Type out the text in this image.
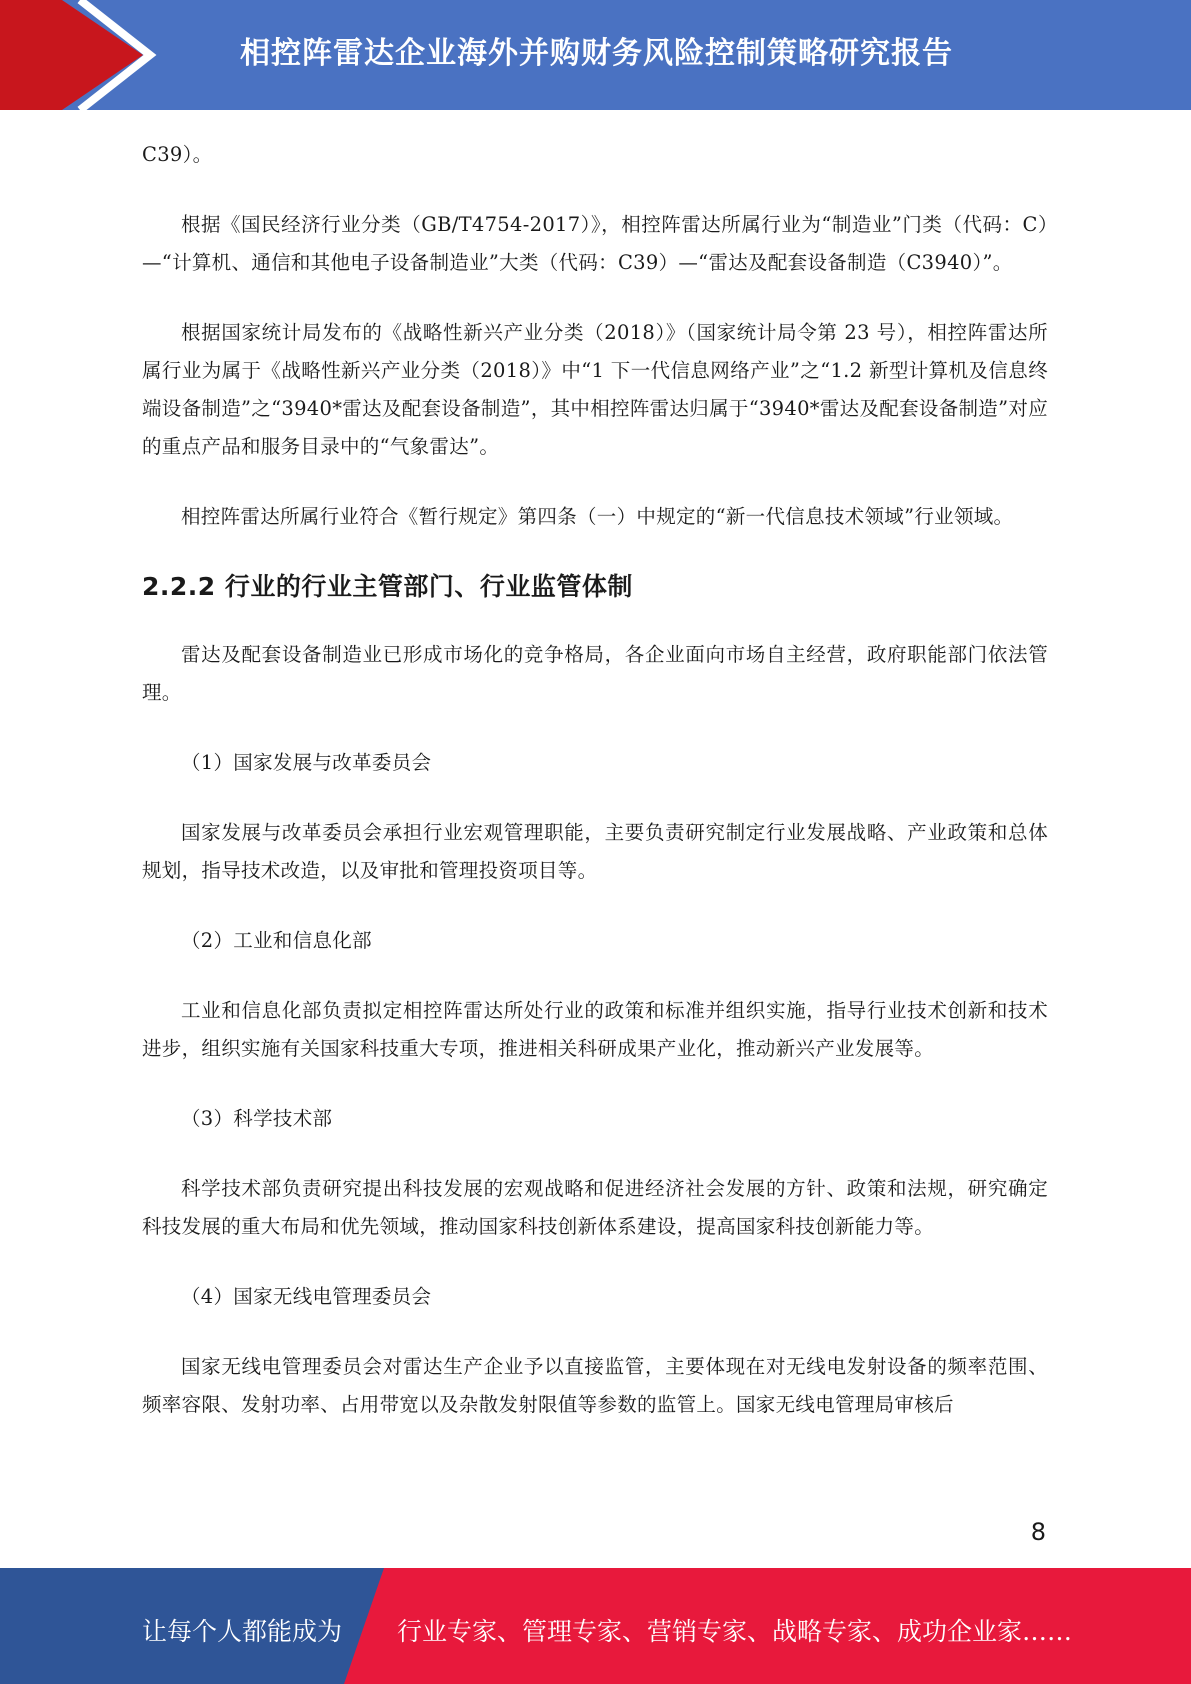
相控阵雷达企业海外并购财务风险控制策略研究报告

C39）。

根据《国民经济行业分类（GB/T4754-2017）》，相控阵雷达所属行业为“制造业”门类（代码：C）—“计算机、通信和其他电子设备制造业”大类（代码：C39）—“雷达及配套设备制造（C3940）”。

根据国家统计局发布的《战略性新兴产业分类（2018）》（国家统计局令第 23 号），相控阵雷达所属行业为属于《战略性新兴产业分类（2018）》中“1 下一代信息网络产业”之“1.2 新型计算机及信息终端设备制造”之“3940*雷达及配套设备制造”，其中相控阵雷达归属于“3940*雷达及配套设备制造”对应的重点产品和服务目录中的“气象雷达”。

相控阵雷达所属行业符合《暂行规定》第四条（一）中规定的“新一代信息技术领域”行业领域。

2.2.2 行业的行业主管部门、行业监管体制

雷达及配套设备制造业已形成市场化的竞争格局，各企业面向市场自主经营，政府职能部门依法管理。

（1）国家发展与改革委员会

国家发展与改革委员会承担行业宏观管理职能，主要负责研究制定行业发展战略、产业政策和总体规划，指导技术改造，以及审批和管理投资项目等。

（2）工业和信息化部

工业和信息化部负责拟定相控阵雷达所处行业的政策和标准并组织实施，指导行业技术创新和技术进步，组织实施有关国家科技重大专项，推进相关科研成果产业化，推动新兴产业发展等。

（3）科学技术部

科学技术部负责研究提出科技发展的宏观战略和促进经济社会发展的方针、政策和法规，研究确定科技发展的重大布局和优先领域，推动国家科技创新体系建设，提高国家科技创新能力等。

（4）国家无线电管理委员会

国家无线电管理委员会对雷达生产企业予以直接监管，主要体现在对无线电发射设备的频率范围、频率容限、发射功率、占用带宽以及杂散发射限值等参数的监管上。国家无线电管理局审核后

8
让每个人都能成为 行业专家、管理专家、营销专家、战略专家、成功企业家……
